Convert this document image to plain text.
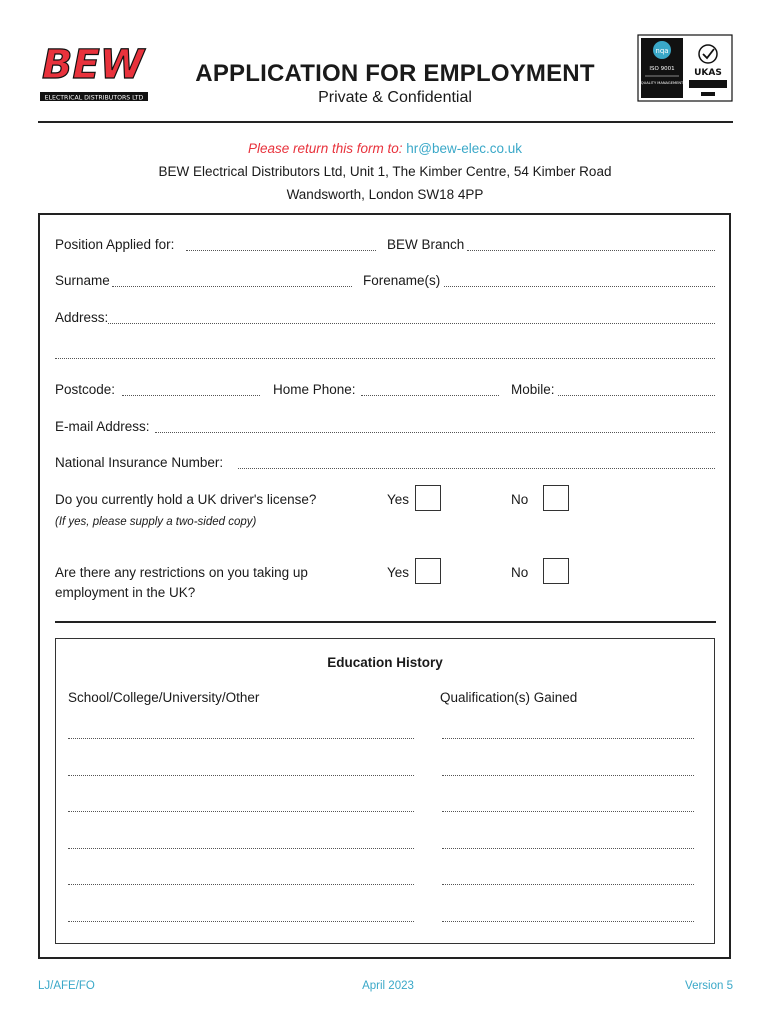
BEW
ELECTRICAL DISTRIBUTORS LTD
APPLICATION FOR EMPLOYMENT
Private & Confidential
nqa
ISO 9001
QUALITY MANAGEMENT
UKAS
Please return this form to: hr@bew-elec.co.uk
BEW Electrical Distributors Ltd, Unit 1, The Kimber Centre, 54 Kimber Road
Wandsworth, London SW18 4PP
Position Applied for:	BEW Branch
Surname	Forename(s)
Address:
Postcode:	Home Phone:	Mobile:
E-mail Address:
National Insurance Number:
Do you currently hold a UK driver's license?	Yes	No
(If yes, please supply a two-sided copy)
Are there any restrictions on you taking up
employment in the UK?
Yes	No
Education History
School/College/University/Other	Qualification(s) Gained
LJ/AFE/FO	April 2023	Version 5
